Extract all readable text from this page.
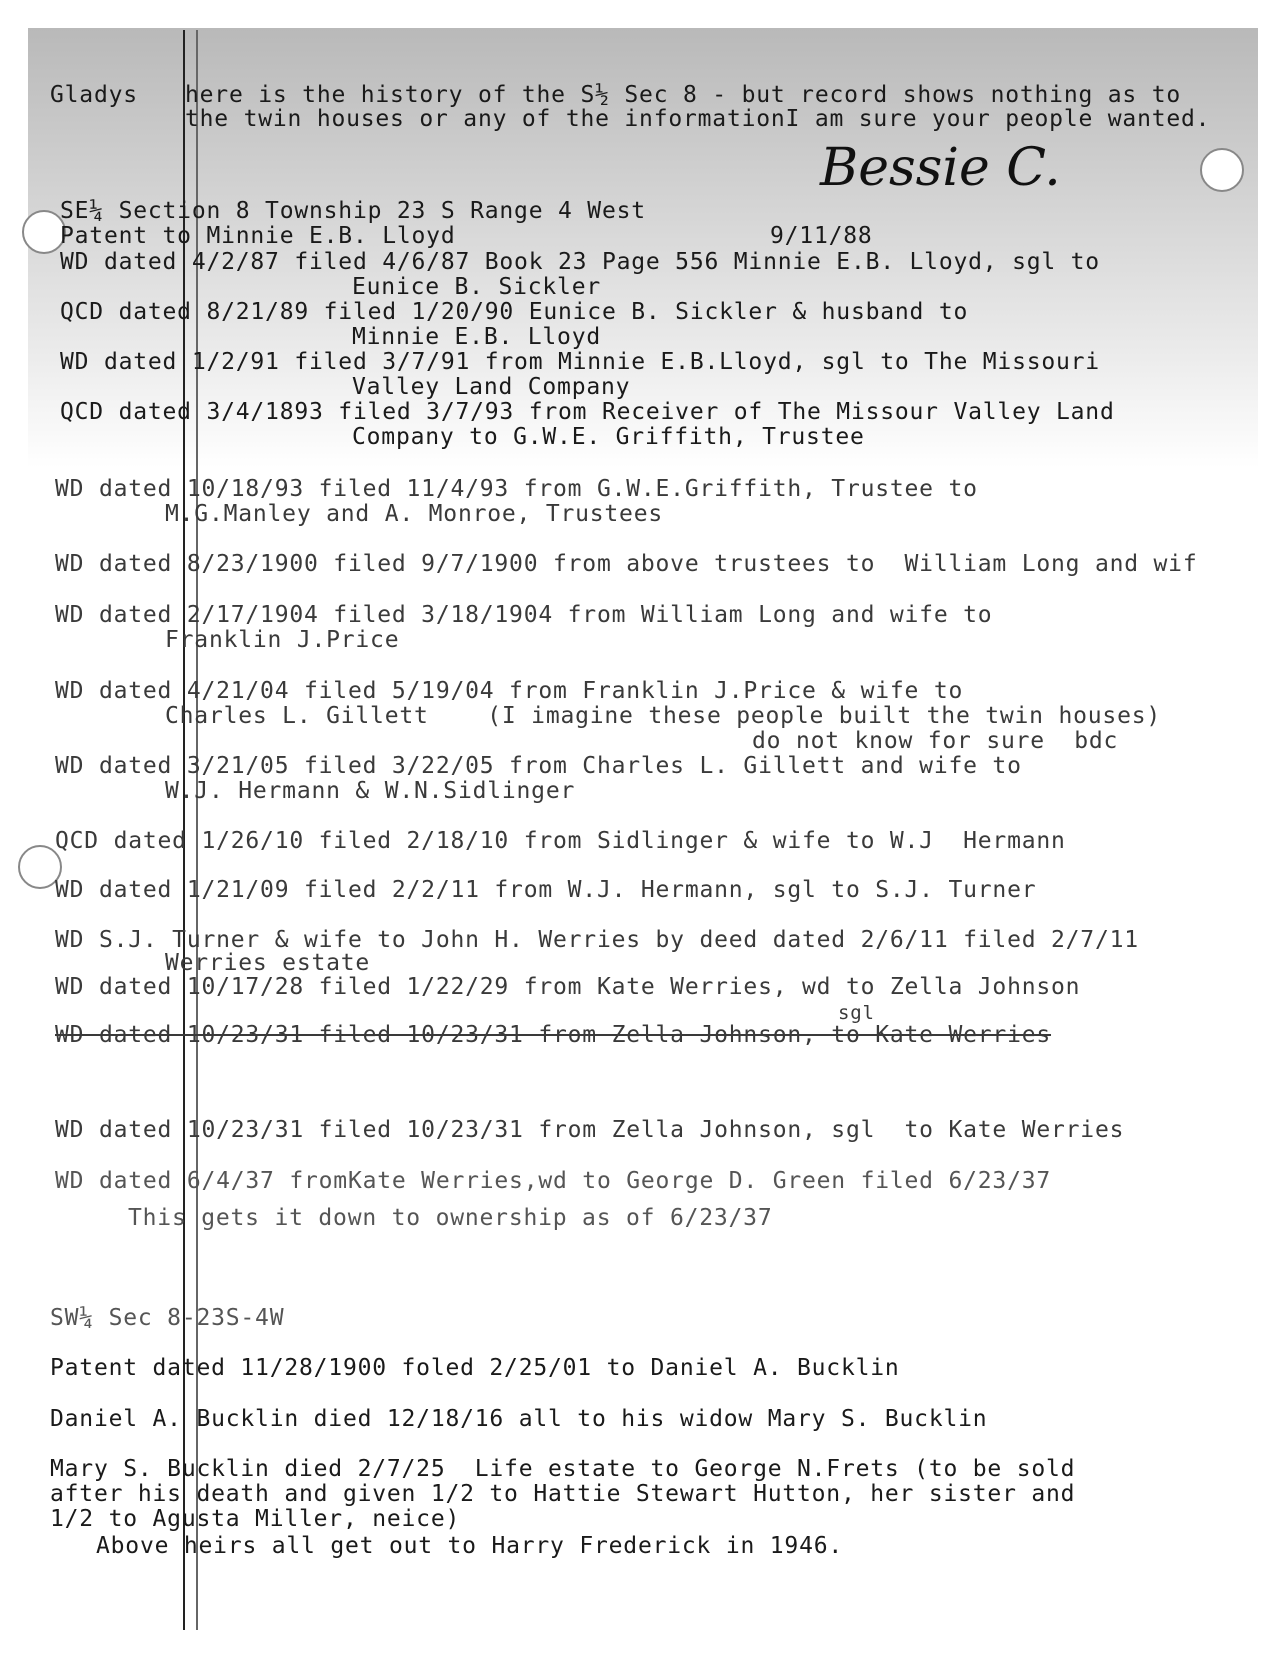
Gladys here is the history of the S½ Sec 8 - but record shows nothing as to
the twin houses or any of the informationI am sure your people wanted.
Bessie C.
SE¼ Section 8 Township 23 S Range 4 West
Patent to Minnie E.B. Lloyd	9/11/88
WD dated 4/2/87 filed 4/6/87 Book 23 Page 556 Minnie E.B. Lloyd, sgl to
Eunice B. Sickler
QCD dated 8/21/89 filed 1/20/90 Eunice B. Sickler & husband to
Minnie E.B. Lloyd
WD dated 1/2/91 filed 3/7/91 from Minnie E.B.Lloyd, sgl to The Missouri
Valley Land Company
QCD dated 3/4/1893 filed 3/7/93 from Receiver of The Missour Valley Land
Company to G.W.E. Griffith, Trustee
WD dated 10/18/93 filed 11/4/93 from G.W.E.Griffith, Trustee to
M.G.Manley and A. Monroe, Trustees
WD dated 8/23/1900 filed 9/7/1900 from above trustees to  William Long and wif
WD dated 2/17/1904 filed 3/18/1904 from William Long and wife to
Franklin J.Price
WD dated 4/21/04 filed 5/19/04 from Franklin J.Price & wife to
Charles L. Gillett    (I imagine these people built the twin houses)
do not know for sure  bdc
WD dated 3/21/05 filed 3/22/05 from Charles L. Gillett and wife to
W.J. Hermann & W.N.Sidlinger
QCD dated 1/26/10 filed 2/18/10 from Sidlinger & wife to W.J  Hermann
WD dated 1/21/09 filed 2/2/11 from W.J. Hermann, sgl to S.J. Turner
WD S.J. Turner & wife to John H. Werries by deed dated 2/6/11 filed 2/7/11
Werries estate
WD dated 10/17/28 filed 1/22/29 from Kate Werries, wd to Zella Johnson
sgl
WD dated 10/23/31 filed 10/23/31 from Zella Johnson, to Kate Werries
WD dated 10/23/31 filed 10/23/31 from Zella Johnson, sgl  to Kate Werries
WD dated 6/4/37 fromKate Werries,wd to George D. Green filed 6/23/37
This gets it down to ownership as of 6/23/37
SW¼ Sec 8-23S-4W
Patent dated 11/28/1900 foled 2/25/01 to Daniel A. Bucklin
Daniel A. Bucklin died 12/18/16 all to his widow Mary S. Bucklin
Mary S. Bucklin died 2/7/25  Life estate to George N.Frets (to be sold
after his death and given 1/2 to Hattie Stewart Hutton, her sister and
1/2 to Agusta Miller, neice)
Above heirs all get out to Harry Frederick in 1946.
